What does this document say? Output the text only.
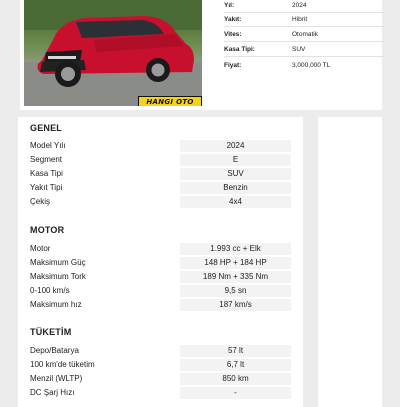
HANGI OTO
Yıl:	2024
Yakıt:	Hibrit
Vites:	Otomatik
Kasa Tipi:	SUV
Fiyat:	3,000,000 TL
GENEL
Model Yılı	2024
Segment	E
Kasa Tipi	SUV
Yakıt Tipi	Benzin
Çekiş	4x4
MOTOR
Motor	1.993 cc + Elk
Maksimum Güç	148 HP + 184 HP
Maksimum Tork	189 Nm + 335 Nm
0-100 km/s	9,5 sn
Maksimum hız	187 km/s
TÜKETİM
Depo/Batarya	57 lt
100 km'de tüketim	6,7 lt
Menzil (WLTP)	850 km
DC Şarj Hızı	-
